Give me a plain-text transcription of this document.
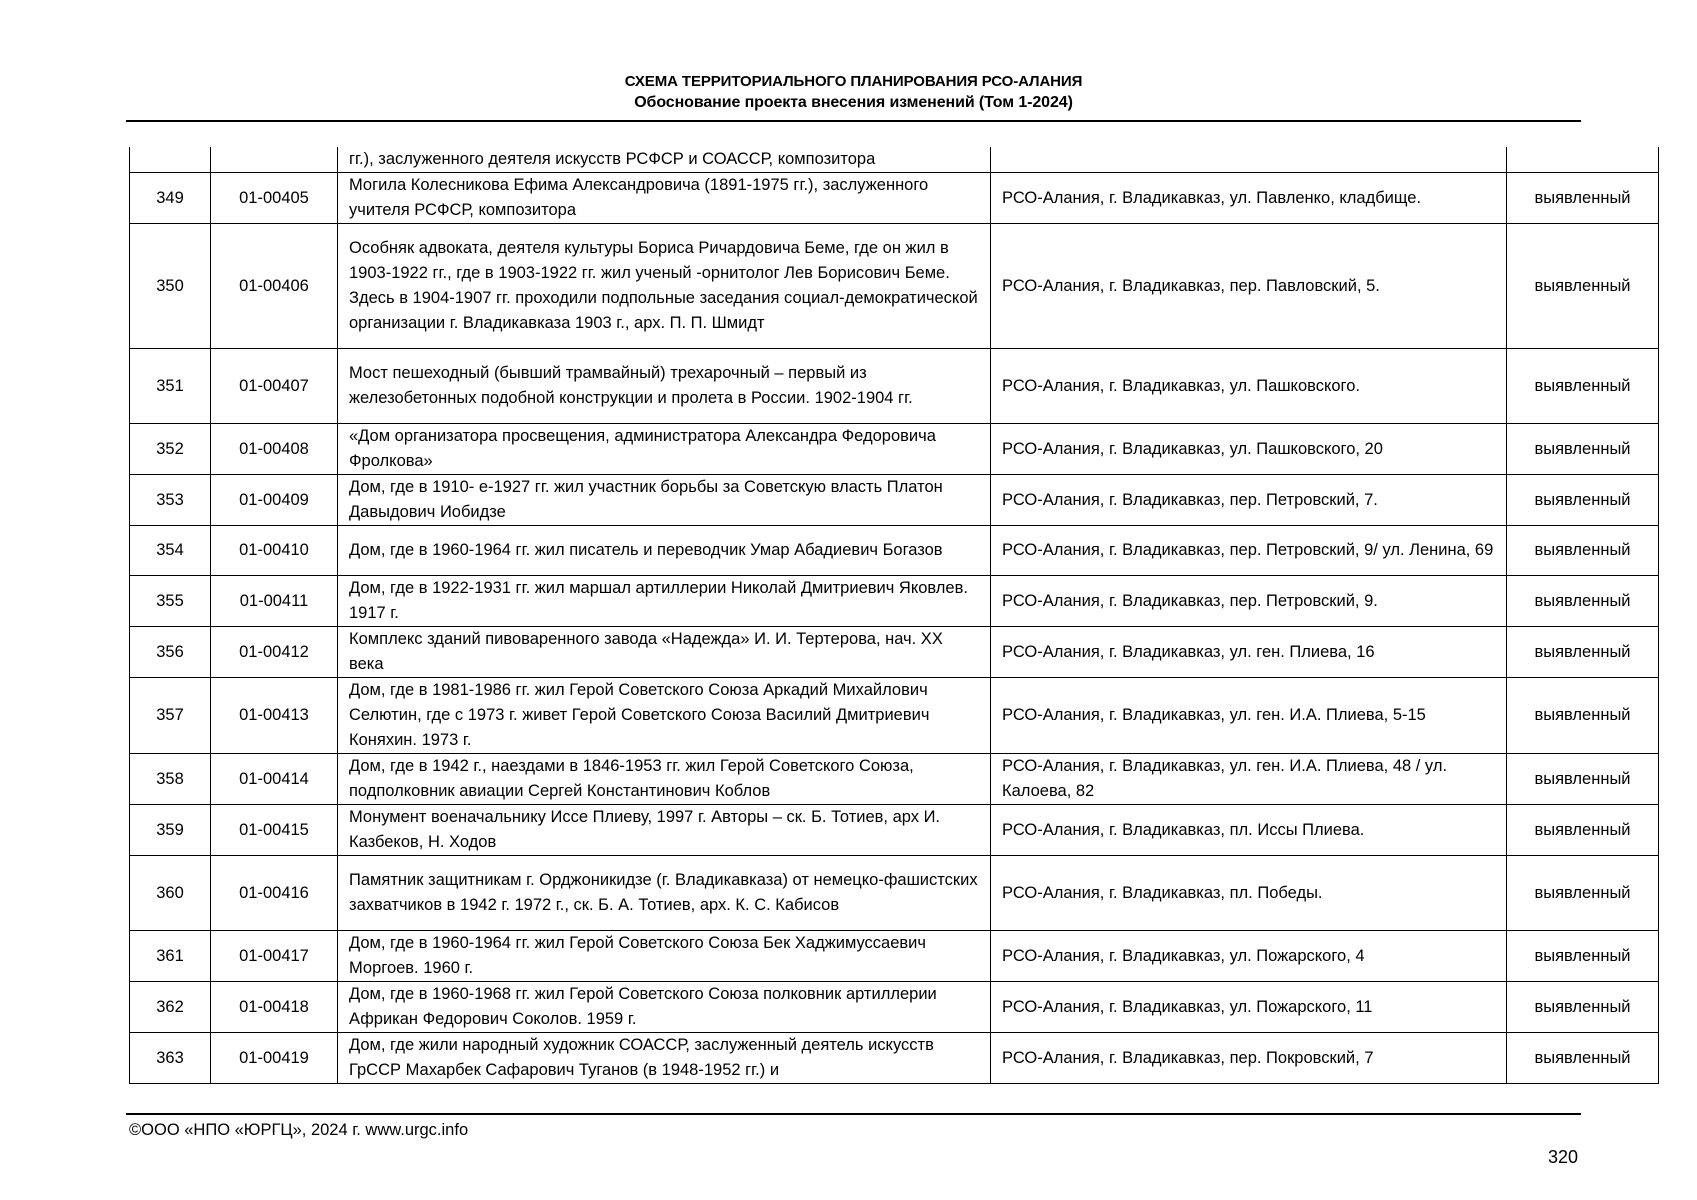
СХЕМА ТЕРРИТОРИАЛЬНОГО ПЛАНИРОВАНИЯ РСО-АЛАНИЯ
Обоснование проекта внесения изменений (Том 1-2024)
		гг.), заслуженного деятеля искусств РСФСР и СОАССР, композитора		
349	01-00405	Могила Колесникова Ефима Александровича (1891-1975 гг.), заслуженного учителя РСФСР, композитора	РСО-Алания, г. Владикавказ, ул. Павленко, кладбище.	выявленный
350	01-00406	Особняк адвоката, деятеля культуры Бориса Ричардовича Беме, где он жил в 1903-1922 гг., где в 1903-1922 гг. жил ученый -орнитолог Лев Борисович Беме. Здесь в 1904-1907 гг. проходили подпольные заседания социал-демократической организации г. Владикавказа 1903 г., арх. П. П. Шмидт	РСО-Алания, г. Владикавказ, пер. Павловский, 5.	выявленный
351	01-00407	Мост пешеходный (бывший трамвайный) трехарочный – первый из железобетонных подобной конструкции и пролета в России. 1902-1904 гг.	РСО-Алания, г. Владикавказ, ул. Пашковского.	выявленный
352	01-00408	«Дом организатора просвещения, администратора Александра Федоровича Фролкова»	РСО-Алания, г. Владикавказ, ул. Пашковского, 20	выявленный
353	01-00409	Дом, где в 1910- е-1927 гг. жил участник борьбы за Советскую власть Платон Давыдович Иобидзе	РСО-Алания, г. Владикавказ, пер. Петровский, 7.	выявленный
354	01-00410	Дом, где в 1960-1964 гг. жил писатель и переводчик Умар Абадиевич Богазов	РСО-Алания, г. Владикавказ, пер. Петровский, 9/ ул. Ленина, 69	выявленный
355	01-00411	Дом, где в 1922-1931 гг. жил маршал артиллерии Николай Дмитриевич Яковлев. 1917 г.	РСО-Алания, г. Владикавказ, пер. Петровский, 9.	выявленный
356	01-00412	Комплекс зданий пивоваренного завода «Надежда» И. И. Тертерова, нач. XX века	РСО-Алания, г. Владикавказ, ул. ген. Плиева, 16	выявленный
357	01-00413	Дом, где в 1981-1986 гг. жил Герой Советского Союза Аркадий Михайлович Селютин, где с 1973 г. живет Герой Советского Союза Василий Дмитриевич Коняхин. 1973 г.	РСО-Алания, г. Владикавказ, ул. ген. И.А. Плиева, 5-15	выявленный
358	01-00414	Дом, где в 1942 г., наездами в 1846-1953 гг. жил Герой Советского Союза, подполковник авиации Сергей Константинович Коблов	РСО-Алания, г. Владикавказ, ул. ген. И.А. Плиева, 48 / ул. Калоева, 82	выявленный
359	01-00415	Монумент военачальнику Иссе Плиеву, 1997 г. Авторы – ск. Б. Тотиев, арх И. Казбеков, Н. Ходов	РСО-Алания, г. Владикавказ, пл. Иссы Плиева.	выявленный
360	01-00416	Памятник защитникам г. Орджоникидзе (г. Владикавказа) от немецко-фашистских захватчиков в 1942 г. 1972 г., ск. Б. А. Тотиев, арх. К. С. Кабисов	РСО-Алания, г. Владикавказ, пл. Победы.	выявленный
361	01-00417	Дом, где в 1960-1964 гг. жил Герой Советского Союза Бек Хаджимуссаевич Моргоев. 1960 г.	РСО-Алания, г. Владикавказ, ул. Пожарского, 4	выявленный
362	01-00418	Дом, где в 1960-1968 гг. жил Герой Советского Союза полковник артиллерии Африкан Федорович Соколов. 1959 г.	РСО-Алания, г. Владикавказ, ул. Пожарского, 11	выявленный
363	01-00419	Дом, где жили народный художник СОАССР, заслуженный деятель искусств ГрССР Махарбек Сафарович Туганов (в 1948-1952 гг.) и	РСО-Алания, г. Владикавказ, пер. Покровский, 7	выявленный
©ООО «НПО «ЮРГЦ», 2024 г. www.urgc.info
320
